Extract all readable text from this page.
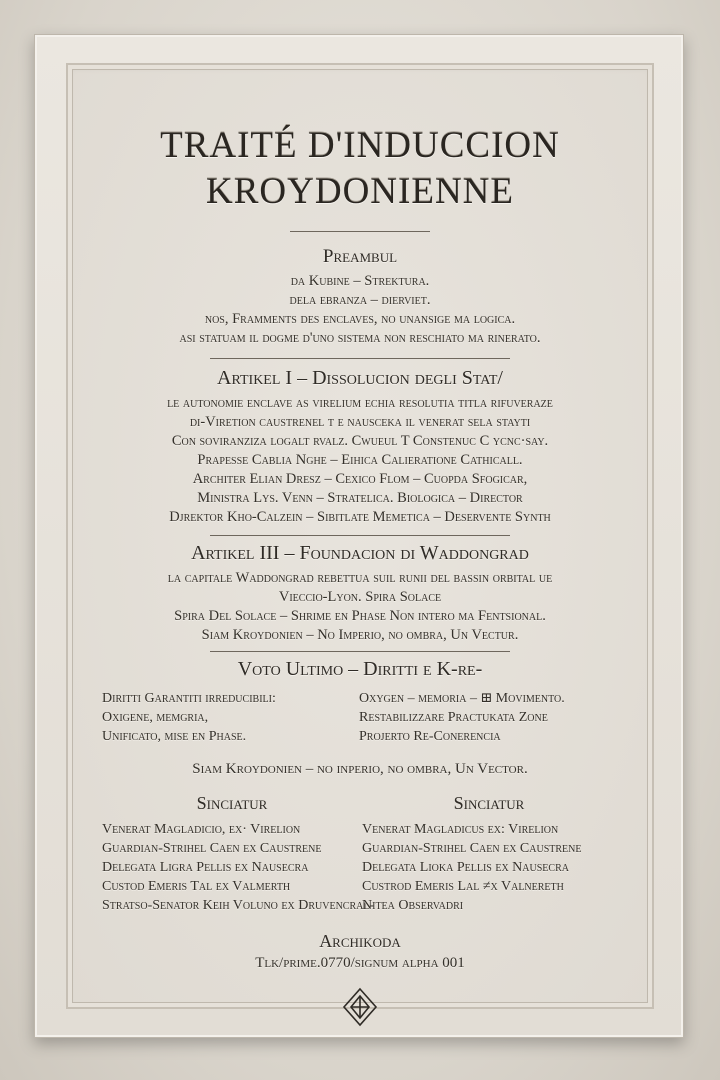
TRAITÉ D'INDUCCION
KROYDONIENNE
Preambul
da Kubine – Strektura.
dela ebranza – dierviet.
nos, Framments des enclaves, no unansige ma logica.
asi statuam il dogme d'uno sistema non reschiato ma rinerato.
Artikel I – Dissolucion degli Stat/
le autonomie enclave as virelium echia resolutia titla rifuveraze
di-Viretion caustrenel t e nausceka il venerat sela stayti
Con soviranziza logalt rvalz. Cwueul T Constenuc C ycnc·say.
Prapesse Cablia Nghe – Eihica Calieratione Cathicall.
Architer Elian Dresz – Cexico Flom – Cuopda Sfogicar,
Ministra Lys. Venn – Stratelica. Biologica – Director
Djrektor Kho-Calzein – Sibitlate Memetica – Deservente Synth
Artikel III – Foundacion di Waddongrad
la capitale Waddongrad rebettua suil runii del bassin orbital ue
Vieccio-Lyon. Spira Solace
Spira Del Solace – Shrime en Phase Non intero ma Fentsional.
Siam Kroydonien – No Imperio, no ombra, Un Vectur.
Voto Ultimo – Diritti e K-re-
Diritti Garantiti irreducibili:
Oxigene, memgria,
Unificato, mise en Phase.
Oxygen – memoria – ⊞ Movimento.
Restabilizzare Practukata Zone
Projerto Re-Conerencia
Siam Kroydonien – no inperio, no ombra, Un Vector.
Sinciatur
Venerat Magladicio, ex· Virelion
Guardian-Strihel Caen ex Caustrene
Delegata Ligra Pellis ex Nausecra
Custod Emeris Tal ex Valmerth
Stratso-Senator Keih Voluno ex Druvencral-
Sinciatur
Venerat Magladicus ex: Virelion
Guardian-Strihel Caen ex Caustrene
Delegata Lioka Pellis ex Nausecra
Custrod Emeris Lal ≠x Valnereth
Nitea Observadri
Archikoda
Tlk/prime.0770/signum alpha 001
